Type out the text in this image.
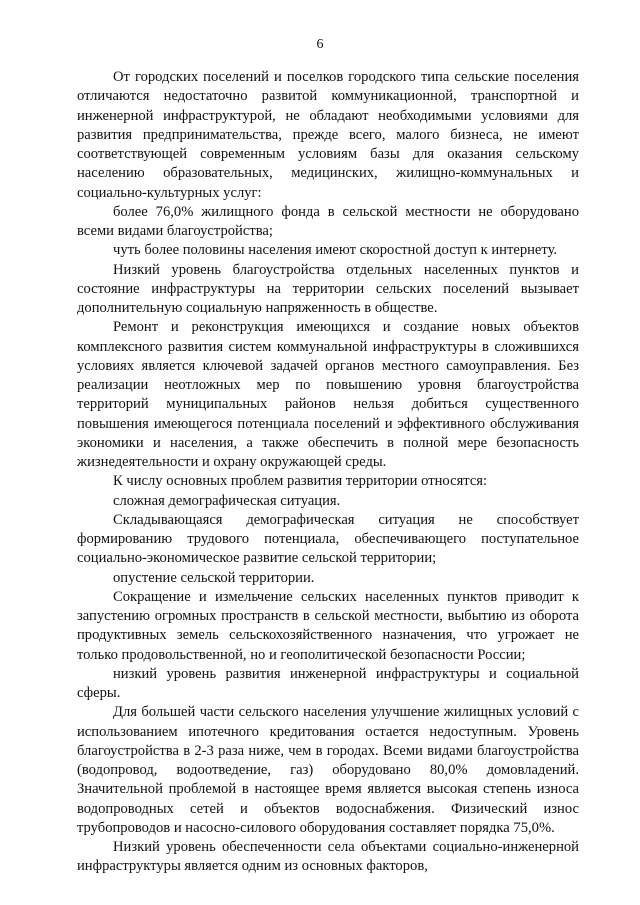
6

От городских поселений и поселков городского типа сельские поселения отличаются недостаточно развитой коммуникационной, транспортной и инженерной инфраструктурой, не обладают необходимыми условиями для развития предпринимательства, прежде всего, малого бизнеса, не имеют соответствующей современным условиям базы для оказания сельскому населению образовательных, медицинских, жилищно-коммунальных и социально-культурных услуг:

более 76,0% жилищного фонда в сельской местности не оборудовано всеми видами благоустройства;

чуть более половины населения имеют скоростной доступ к интернету.

Низкий уровень благоустройства отдельных населенных пунктов и состояние инфраструктуры на территории сельских поселений вызывает дополнительную социальную напряженность в обществе.

Ремонт и реконструкция имеющихся и создание новых объектов комплексного развития систем коммунальной инфраструктуры в сложившихся условиях является ключевой задачей органов местного самоуправления. Без реализации неотложных мер по повышению уровня благоустройства территорий муниципальных районов нельзя добиться существенного повышения имеющегося потенциала поселений и эффективного обслуживания экономики и населения, а также обеспечить в полной мере безопасность жизнедеятельности и охрану окружающей среды.

К числу основных проблем развития территории относятся:

сложная демографическая ситуация.

Складывающаяся демографическая ситуация не способствует формированию трудового потенциала, обеспечивающего поступательное социально-экономическое развитие сельской территории;

опустение сельской территории.

Сокращение и измельчение сельских населенных пунктов приводит к запустению огромных пространств в сельской местности, выбытию из оборота продуктивных земель сельскохозяйственного назначения, что угрожает не только продовольственной, но и геополитической безопасности России;

низкий уровень развития инженерной инфраструктуры и социальной сферы.

Для большей части сельского населения улучшение жилищных условий с использованием ипотечного кредитования остается недоступным. Уровень благоустройства в 2-3 раза ниже, чем в городах. Всеми видами благоустройства (водопровод, водоотведение, газ) оборудовано 80,0% домовладений. Значительной проблемой в настоящее время является высокая степень износа водопроводных сетей и объектов водоснабжения. Физический износ трубопроводов и насосно-силового оборудования составляет порядка 75,0%.

Низкий уровень обеспеченности села объектами социально-инженерной инфраструктуры является одним из основных факторов,
